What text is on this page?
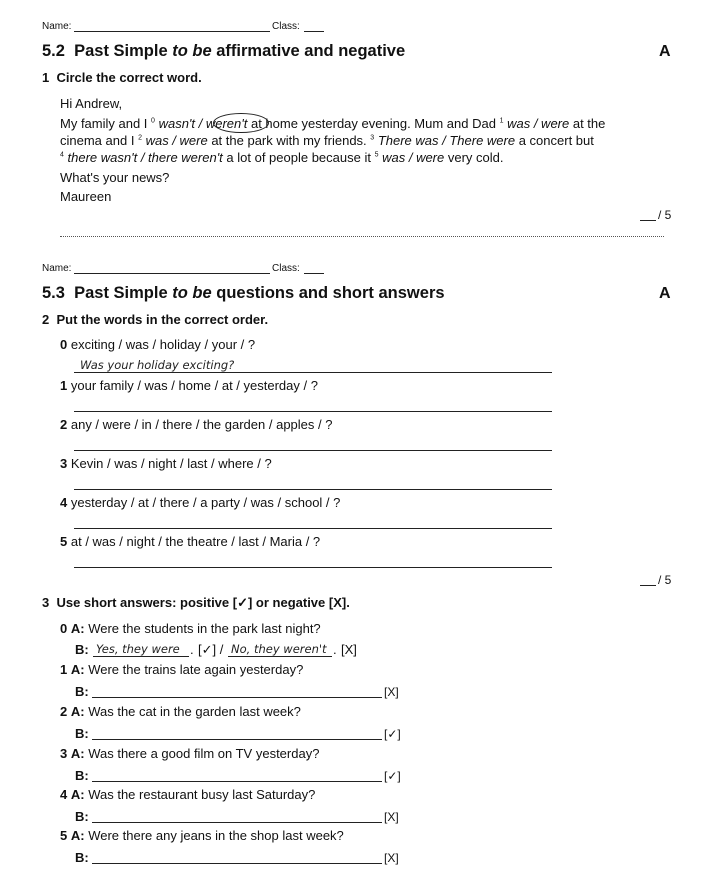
Name:	Class:
5.2 Past Simple to be affirmative and negative	A
1 Circle the correct word.
Hi Andrew,
My family and I $^0$ wasn't / weren't at home yesterday evening. Mum and Dad $^1$ was / were at the
cinema and I $^2$ was / were at the park with my friends. $^3$ There was / There were a concert but
$^4$ there wasn't / there weren't a lot of people because it $^5$ was / were very cold.
What's your news?
Maureen
/ 5
Name:	Class:
5.3 Past Simple to be questions and short answers	A
2 Put the words in the correct order.
0 exciting / was / holiday / your / ?
Was your holiday exciting?
1 your family / was / home / at / yesterday / ?
2 any / were / in / there / the garden / apples / ?
3 Kevin / was / night / last / where / ?
4 yesterday / at / there / a party / was / school / ?
5 at / was / night / the theatre / last / Maria / ?
/ 5
3 Use short answers: positive [✓] or negative [X].
0 A: Were the students in the park last night?
B: Yes, they were . [✓] / No, they weren't . [X]
1 A: Were the trains late again yesterday?
B:	[X]
2 A: Was the cat in the garden last week?
B:	[✓]
3 A: Was there a good film on TV yesterday?
B:	[✓]
4 A: Was the restaurant busy last Saturday?
B:	[X]
5 A: Were there any jeans in the shop last week?
B:	[X]
